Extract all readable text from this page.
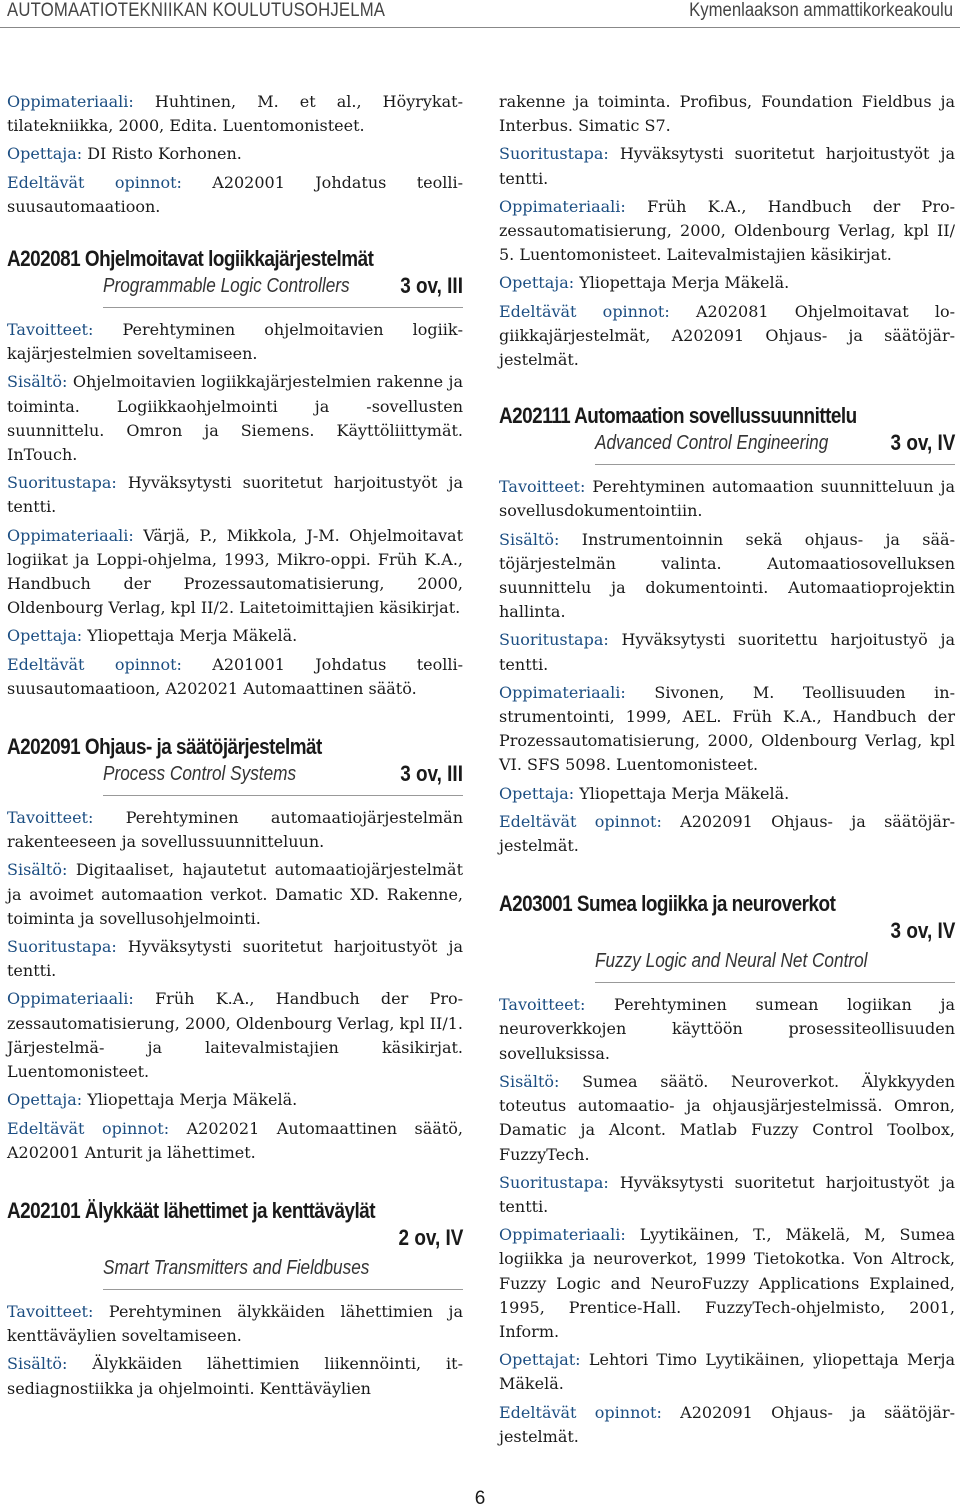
AUTOMAATIOTEKNIIKAN KOULUTUSOHJELMA	Kymenlaakson ammattikorkeakoulu

Oppimateriaali: Huhtinen, M. et al., Höyrykattilatekniikka, 2000, Edita. Luentomonisteet.

Opettaja: DI Risto Korhonen.

Edeltävät opinnot: A202001 Johdatus teollisuusautomaatioon.

A202081 Ohjelmoitavat logiikkajärjestelmät
Programmable Logic Controllers 3 ov, III

Tavoitteet: Perehtyminen ohjelmoitavien logiikkajärjestelmien soveltamiseen.

Sisältö: Ohjelmoitavien logiikkajärjestelmien rakenne ja toiminta. Logiikkaohjelmointi ja -sovellusten suunnittelu. Omron ja Siemens. Käyttöliittymät. InTouch.

Suoritustapa: Hyväksytysti suoritetut harjoitustyöt ja tentti.

Oppimateriaali: Värjä, P., Mikkola, J-M. Ohjelmoitavat logiikat ja Loppi-ohjelma, 1993, Mikro-oppi. Früh K.A., Handbuch der Prozessautomatisierung, 2000, Oldenbourg Verlag, kpl II/2. Laitetoimittajien käsikirjat.

Opettaja: Yliopettaja Merja Mäkelä.

Edeltävät opinnot: A201001 Johdatus teollisuusautomaatioon, A202021 Automaattinen säätö.

A202091 Ohjaus- ja säätöjärjestelmät
Process Control Systems	3 ov, III

Tavoitteet: Perehtyminen automaatiojärjestelmän rakenteeseen ja sovellussuunnitteluun.

Sisältö: Digitaaliset, hajautetut automaatiojärjestelmät ja avoimet automaation verkot. Damatic XD. Rakenne, toiminta ja sovellusohjelmointi.

Suoritustapa: Hyväksytysti suoritetut harjoitustyöt ja tentti.

Oppimateriaali: Früh K.A., Handbuch der Prozessautomatisierung, 2000, Oldenbourg Verlag, kpl II/1. Järjestelmä- ja laitevalmistajien käsikirjat. Luentomonisteet.

Opettaja: Yliopettaja Merja Mäkelä.

Edeltävät opinnot: A202021 Automaattinen säätö, A202001 Anturit ja lähettimet.

A202101 Älykkäät lähettimet ja kenttäväylät
2 ov, IV
Smart Transmitters and Fieldbuses

Tavoitteet: Perehtyminen älykkäiden lähettimien ja kenttäväylien soveltamiseen.

Sisältö: Älykkäiden lähettimien liikennöinti, itsediagnostiikka ja ohjelmointi. Kenttäväylien

rakenne ja toiminta. Profibus, Foundation Fieldbus ja Interbus. Simatic S7.

Suoritustapa: Hyväksytysti suoritetut harjoitustyöt ja tentti.

Oppimateriaali: Früh K.A., Handbuch der Prozessautomatisierung, 2000, Oldenbourg Verlag, kpl II/ 5. Luentomonisteet. Laitevalmistajien käsikirjat.

Opettaja: Yliopettaja Merja Mäkelä.

Edeltävät opinnot: A202081 Ohjelmoitavat logiikkajärjestelmät, A202091 Ohjaus- ja säätöjärjestelmät.

A202111 Automaation sovellussuunnittelu
Advanced Control Engineering	3 ov, IV

Tavoitteet: Perehtyminen automaation suunnitteluun ja sovellusdokumentointiin.

Sisältö: Instrumentoinnin sekä ohjaus- ja säätöjärjestelmän valinta. Automaatiosovelluksen suunnittelu ja dokumentointi. Automaatioprojektin hallinta.

Suoritustapa: Hyväksytysti suoritettu harjoitustyö ja tentti.

Oppimateriaali: Sivonen, M. Teollisuuden instrumentointi, 1999, AEL. Früh K.A., Handbuch der Prozessautomatisierung, 2000, Oldenbourg Verlag, kpl VI. SFS 5098. Luentomonisteet.

Opettaja: Yliopettaja Merja Mäkelä.

Edeltävät opinnot: A202091 Ohjaus- ja säätöjärjestelmät.

A203001 Sumea logiikka ja neuroverkot
3 ov, IV
Fuzzy Logic and Neural Net Control

Tavoitteet: Perehtyminen sumean logiikan ja neuroverkkojen käyttöön prosessiteollisuuden sovelluksissa.

Sisältö: Sumea säätö. Neuroverkot. Älykkyyden toteutus automaatio- ja ohjausjärjestelmissä. Omron, Damatic ja Alcont. Matlab Fuzzy Control Toolbox, FuzzyTech.

Suoritustapa: Hyväksytysti suoritetut harjoitustyöt ja tentti.

Oppimateriaali: Lyytikäinen, T., Mäkelä, M, Sumea logiikka ja neuroverkot, 1999 Tietokotka. Von Altrock, Fuzzy Logic and NeuroFuzzy Applications Explained, 1995, Prentice-Hall. FuzzyTech-ohjelmisto, 2001, Inform.

Opettajat: Lehtori Timo Lyytikäinen, yliopettaja Merja Mäkelä.

Edeltävät opinnot: A202091 Ohjaus- ja säätöjärjestelmät.

6
